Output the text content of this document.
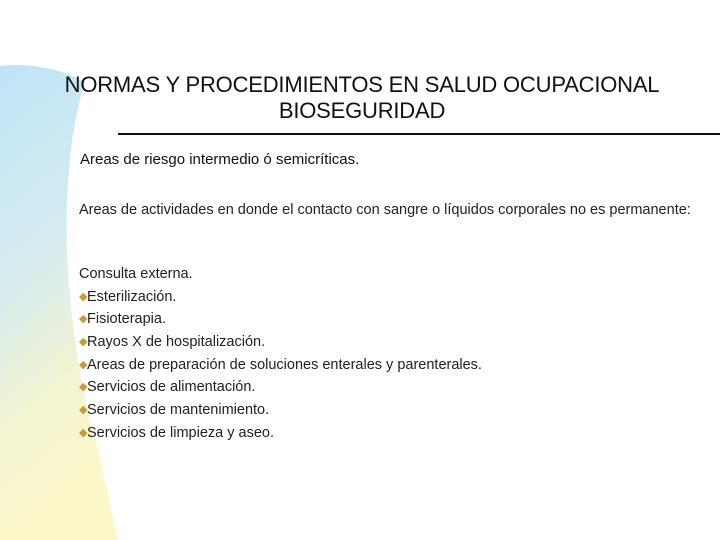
NORMAS Y PROCEDIMIENTOS EN SALUD OCUPACIONAL
BIOSEGURIDAD
Areas de riesgo intermedio ó semicríticas.
Areas de actividades en donde el contacto con sangre o líquidos corporales no es permanente:
Consulta externa.
◆Esterilización.
◆Fisioterapia.
◆Rayos X de hospitalización.
◆Areas de preparación de soluciones enterales y parenterales.
◆Servicios de alimentación.
◆Servicios de mantenimiento.
◆Servicios de limpieza y aseo.
